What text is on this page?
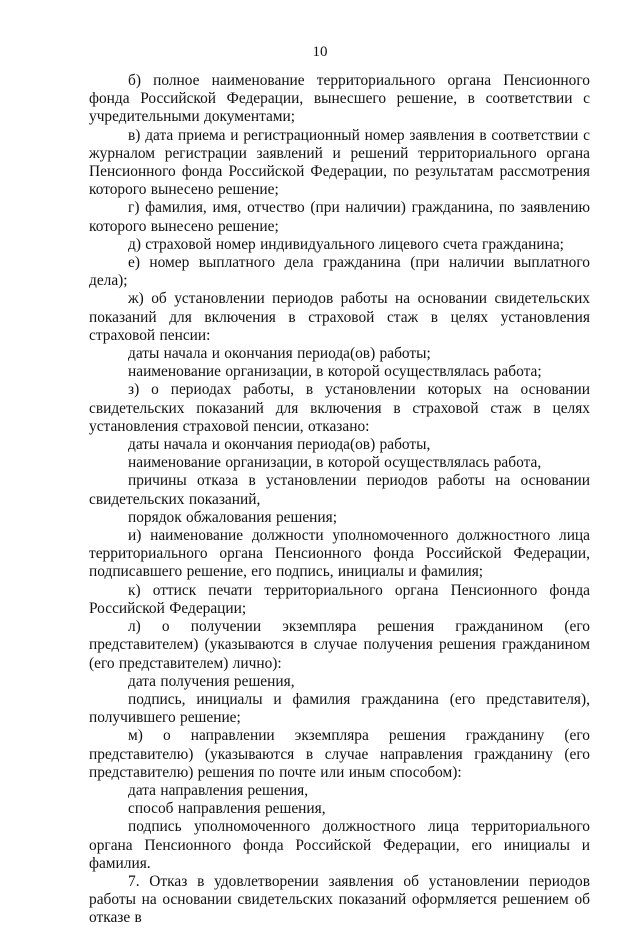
10

б) полное наименование территориального органа Пенсионного фонда Российской Федерации, вынесшего решение, в соответствии с учредительными документами;

в) дата приема и регистрационный номер заявления в соответствии с журналом регистрации заявлений и решений территориального органа Пенсионного фонда Российской Федерации, по результатам рассмотрения которого вынесено решение;

г) фамилия, имя, отчество (при наличии) гражданина, по заявлению которого вынесено решение;

д) страховой номер индивидуального лицевого счета гражданина;

е) номер выплатного дела гражданина (при наличии выплатного дела);

ж) об установлении периодов работы на основании свидетельских показаний для включения в страховой стаж в целях установления страховой пенсии:

даты начала и окончания периода(ов) работы;

наименование организации, в которой осуществлялась работа;

з) о периодах работы, в установлении которых на основании свидетельских показаний для включения в страховой стаж в целях установления страховой пенсии, отказано:

даты начала и окончания периода(ов) работы,

наименование организации, в которой осуществлялась работа,

причины отказа в установлении периодов работы на основании свидетельских показаний,

порядок обжалования решения;

и) наименование должности уполномоченного должностного лица территориального органа Пенсионного фонда Российской Федерации, подписавшего решение, его подпись, инициалы и фамилия;

к) оттиск печати территориального органа Пенсионного фонда Российской Федерации;

л) о получении экземпляра решения гражданином (его представителем) (указываются в случае получения решения гражданином (его представителем) лично):

дата получения решения,

подпись, инициалы и фамилия гражданина (его представителя), получившего решение;

м) о направлении экземпляра решения гражданину (его представителю) (указываются в случае направления гражданину (его представителю) решения по почте или иным способом):

дата направления решения,

способ направления решения,

подпись уполномоченного должностного лица территориального органа Пенсионного фонда Российской Федерации, его инициалы и фамилия.

7. Отказ в удовлетворении заявления об установлении периодов работы на основании свидетельских показаний оформляется решением об отказе в
